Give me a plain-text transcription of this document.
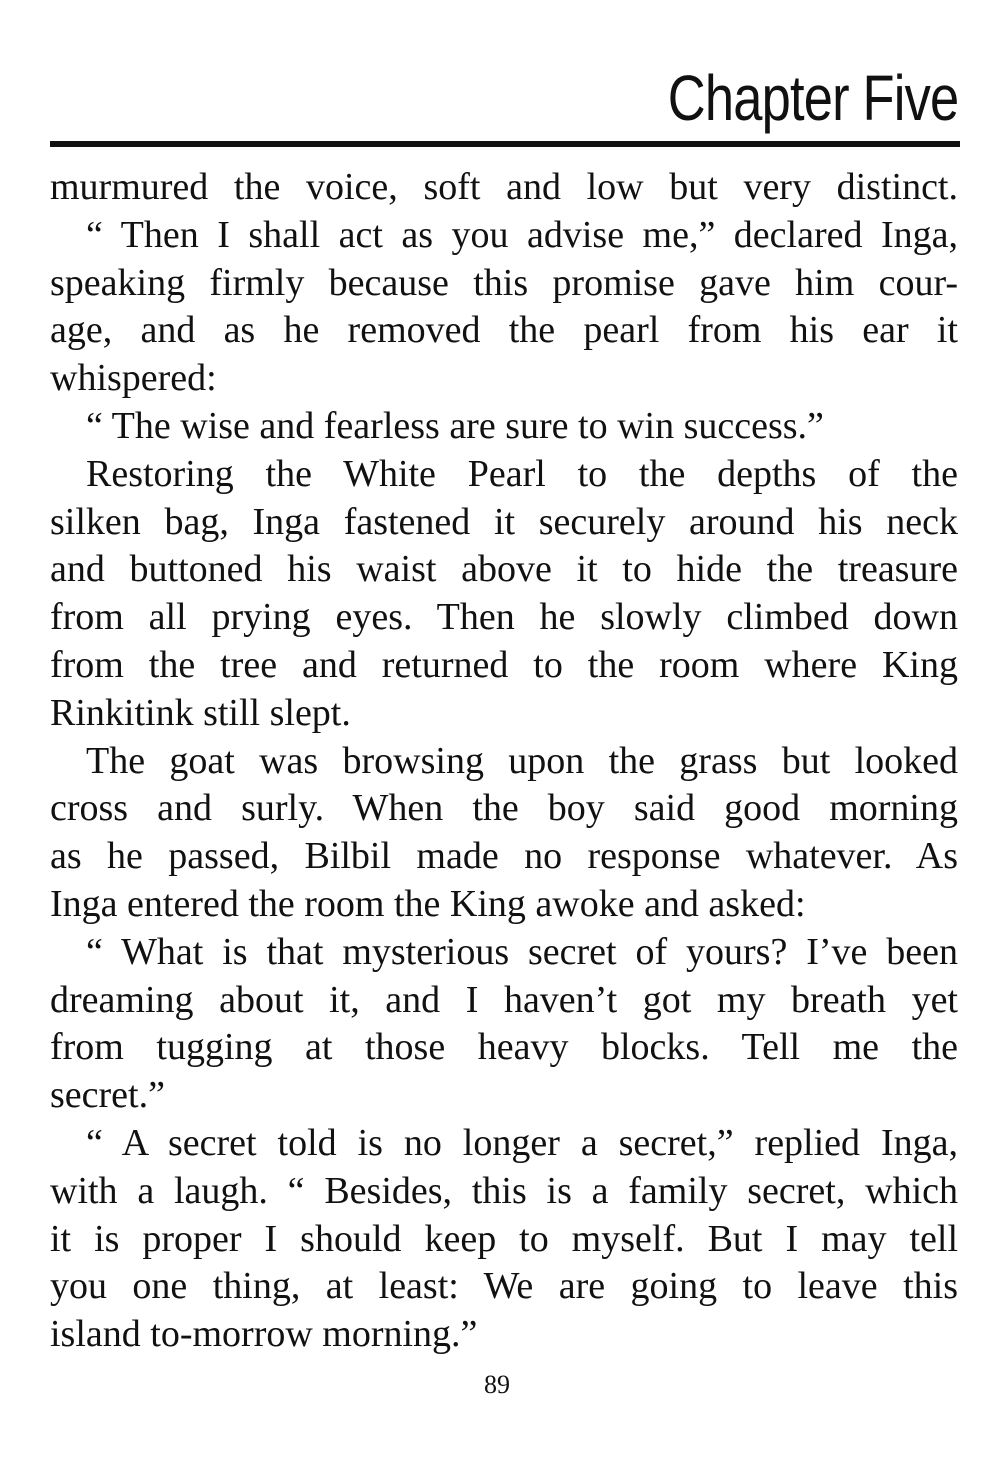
Chapter Five
murmured the voice, soft and low but very distinct.
“ Then I shall act as you advise me,” declared Inga,
speaking firmly because this promise gave him cour-
age, and as he removed the pearl from his ear it
whispered:
“ The wise and fearless are sure to win success.”
Restoring the White Pearl to the depths of the
silken bag, Inga fastened it securely around his neck
and buttoned his waist above it to hide the treasure
from all prying eyes. Then he slowly climbed down
from the tree and returned to the room where King
Rinkitink still slept.
The goat was browsing upon the grass but looked
cross and surly. When the boy said good morning
as he passed, Bilbil made no response whatever. As
Inga entered the room the King awoke and asked:
“ What is that mysterious secret of yours? I’ve been
dreaming about it, and I haven’t got my breath yet
from tugging at those heavy blocks. Tell me the
secret.”
“ A secret told is no longer a secret,” replied Inga,
with a laugh. “ Besides, this is a family secret, which
it is proper I should keep to myself. But I may tell
you one thing, at least: We are going to leave this
island to-morrow morning.”
89
